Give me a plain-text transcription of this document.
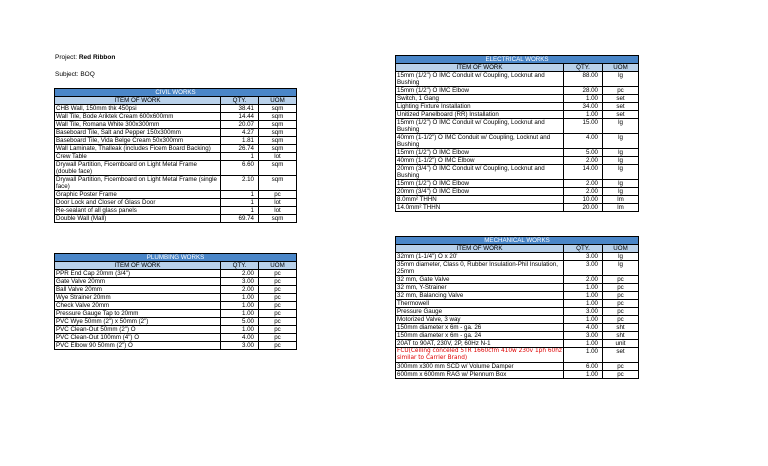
Project: Red Ribbon
Subject: BOQ
CIVIL WORKS		
ITEM OF WORK	QTY.	UOM
CHB Wall, 150mm thk 450psi	38.41	sqm
Wall Tile, Bode Ariktek Cream 600x600mm	14.44	sqm
Wall Tile, Romana White 300x300mm	20.07	sqm
Baseboard Tile, Salt and Pepper 150x300mm	4.27	sqm
Baseboard Tile, Vida Belge Cream 50x300mm	1.81	sqm
Wall Laminate, Thalleak (includes Ficem Board Backing)	26.74	sqm
Crew Table	1	lot
Drywall Partition, Ficemboard on Light Metal Frame (double face)	6.60	sqm
Drywall Partition, Ficemboard on Light Metal Frame (single face)	2.10	sqm
Graphic Poster Frame	1	pc
Door Lock and Closer of Glass Door	1	lot
Re-sealant of all glass panels	1	lot
Double Wall (Mall)	69.74	sqm
PLUMBING WORKS		
ITEM OF WORK	QTY.	UOM
PPR End Cap 20mm (3/4")	2.00	pc
Gate Valve 20mm	3.00	pc
Ball Valve 20mm	2.00	pc
Wye Strainer 20mm	1.00	pc
Check Valve 20mm	1.00	pc
Pressure Gauge Tap to 20mm	1.00	pc
PVC Wye 50mm (2") x 50mm (2")	5.00	pc
PVC Clean-Out 50mm (2") O	1.00	pc
PVC Clean-Out 100mm (4") O	4.00	pc
PVC Elbow 90 50mm (2") O	3.00	pc
ELECTRICAL WORKS		
ITEM OF WORK	QTY.	UOM
15mm (1/2") O IMC Conduit w/ Coupling, Locknut and Bushing	88.00	lg
15mm (1/2") O IMC Elbow	28.00	pc
Switch, 1 Gang	1.00	set
Lighting Fixture Installation	34.00	set
Unitized Panelboard (RR) Installation	1.00	set
15mm (1/2") O IMC Conduit w/ Coupling, Locknut and Bushing	15.00	lg
40mm (1-1/2") O IMC Conduit w/ Coupling, Locknut and Bushing	4.00	lg
15mm (1/2") O IMC Elbow	5.00	lg
40mm (1-1/2") O IMC Elbow	2.00	lg
20mm (3/4") O IMC Conduit w/ Coupling, Locknut and Bushing	14.00	lg
15mm (1/2") O IMC Elbow	2.00	lg
20mm (3/4") O IMC Elbow	2.00	lg
8.0mm² THHN	10.00	lm
14.0mm² THHN	20.00	lm
MECHANICAL WORKS		
ITEM OF WORK	QTY.	UOM
32mm (1-1/4") O x 20'	3.00	lg
35mm diameter, Class 0, Rubber Insulation-Phil Insulation, 25mm	3.00	lg
32 mm, Gate Valve	2.00	pc
32 mm, Y-Strainer	1.00	pc
32 mm, Balancing Valve	1.00	pc
Thermowell	1.00	pc
Pressure Gauge	3.00	pc
Motorized Valve, 3 way	1.00	pc
150mm diameter x 6m - ga. 26	4.00	sht
150mm diameter x 6m - ga. 24	3.00	sht
20AT to 90AT, 230V, 2P, 60Hz N-1	1.00	unit
FCU(Ceiling conceled 5TR 1660cfm 410w 230v 1ph 60hz similar to Carrier Brand)	1.00	set
300mm x300 mm SCD w/ Volume Damper	6.00	pc
600mm x 600mm RAG w/ Plennum Box	1.00	pc
